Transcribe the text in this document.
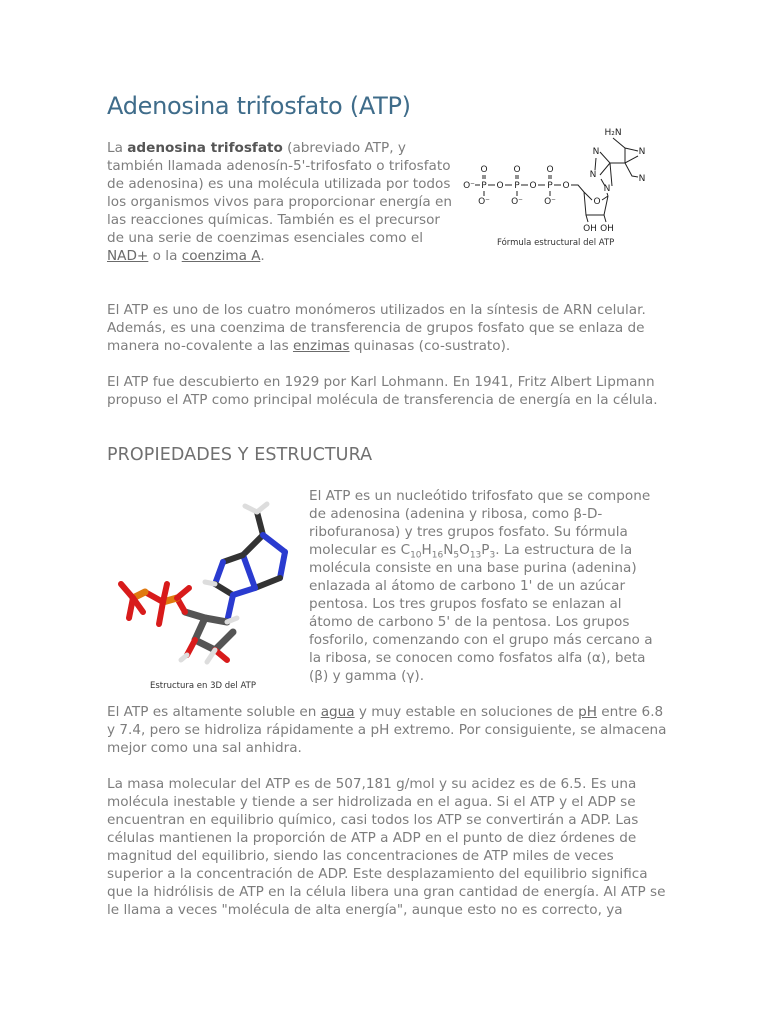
Adenosina trifosfato (ATP)
La adenosina trifosfato (abreviado ATP, y también llamada adenosín-5'-trifosfato o trifosfato de adenosina) es una molécula utilizada por todos los organismos vivos para proporcionar energía en las reacciones químicas. También es el precursor de una serie de coenzimas esenciales como el NAD+ o la coenzima A.
H₂N
N	N
N
N
N
O⁻ P
O
O⁻
O P
O
O⁻
O P
O
O⁻
O
O
OH OH
Fórmula estructural del ATP
El ATP es uno de los cuatro monómeros utilizados en la síntesis de ARN celular. Además, es una coenzima de transferencia de grupos fosfato que se enlaza de manera no-covalente a las enzimas quinasas (co-sustrato).
El ATP fue descubierto en 1929 por Karl Lohmann. En 1941, Fritz Albert Lipmann propuso el ATP como principal molécula de transferencia de energía en la célula.
PROPIEDADES Y ESTRUCTURA
Estructura en 3D del ATP
El ATP es un nucleótido trifosfato que se compone de adenosina (adenina y ribosa, como β-D-ribofuranosa) y tres grupos fosfato. Su fórmula molecular es $C_{10}H_{16}N_5O_{13}P_3$. La estructura de la molécula consiste en una base purina (adenina) enlazada al átomo de carbono 1' de un azúcar pentosa. Los tres grupos fosfato se enlazan al átomo de carbono 5' de la pentosa. Los grupos fosforilo, comenzando con el grupo más cercano a la ribosa, se conocen como fosfatos alfa (α), beta (β) y gamma (γ).
El ATP es altamente soluble en agua y muy estable en soluciones de pH entre 6.8 y 7.4, pero se hidroliza rápidamente a pH extremo. Por consiguiente, se almacena mejor como una sal anhidra.
La masa molecular del ATP es de 507,181 g/mol y su acidez es de 6.5. Es una molécula inestable y tiende a ser hidrolizada en el agua. Si el ATP y el ADP se encuentran en equilibrio químico, casi todos los ATP se convertirán a ADP. Las células mantienen la proporción de ATP a ADP en el punto de diez órdenes de magnitud del equilibrio, siendo las concentraciones de ATP miles de veces superior a la concentración de ADP. Este desplazamiento del equilibrio significa que la hidrólisis de ATP en la célula libera una gran cantidad de energía. Al ATP se le llama a veces "molécula de alta energía", aunque esto no es correcto, ya
